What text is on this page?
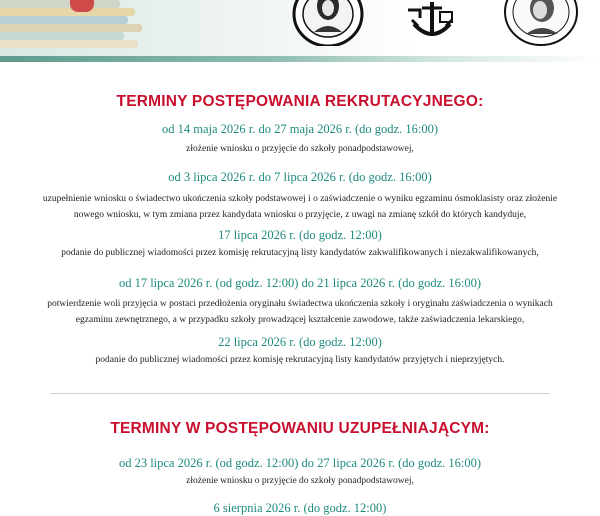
TERMINY POSTĘPOWANIA REKRUTACYJNEGO:
od 14 maja 2026 r. do 27 maja 2026 r. (do godz. 16:00)
złożenie wniosku o przyjęcie do szkoły ponadpodstawowej,
od 3 lipca 2026 r. do 7 lipca 2026 r. (do godz. 16:00)
uzupełnienie wniosku o świadectwo ukończenia szkoły podstawowej i o zaświadczenie o wyniku egzaminu ósmoklasisty oraz złożenie nowego wniosku, w tym zmiana przez kandydata wniosku o przyjęcie, z uwagi na zmianę szkół do których kandyduje,
17 lipca 2026 r. (do godz. 12:00)
podanie do publicznej wiadomości przez komisję rekrutacyjną listy kandydatów zakwalifikowanych i niezakwalifikowanych,
od 17 lipca 2026 r. (od godz. 12:00) do 21 lipca 2026 r. (do godz. 16:00)
potwierdzenie woli przyjęcia w postaci przedłożenia oryginału świadectwa ukończenia szkoły i oryginału zaświadczenia o wynikach egzaminu zewnętrznego, a w przypadku szkoły prowadzącej kształcenie zawodowe, także zaświadczenia lekarskiego,
22 lipca 2026 r. (do godz. 12:00)
podanie do publicznej wiadomości przez komisję rekrutacyjną listy kandydatów przyjętych i nieprzyjętych.
TERMINY W POSTĘPOWANIU UZUPEŁNIAJĄCYM:
od 23 lipca 2026 r. (od godz. 12:00) do 27 lipca 2026 r. (do godz. 16:00)
złożenie wniosku o przyjęcie do szkoły ponadpodstawowej,
6 sierpnia 2026 r. (do godz. 12:00)
